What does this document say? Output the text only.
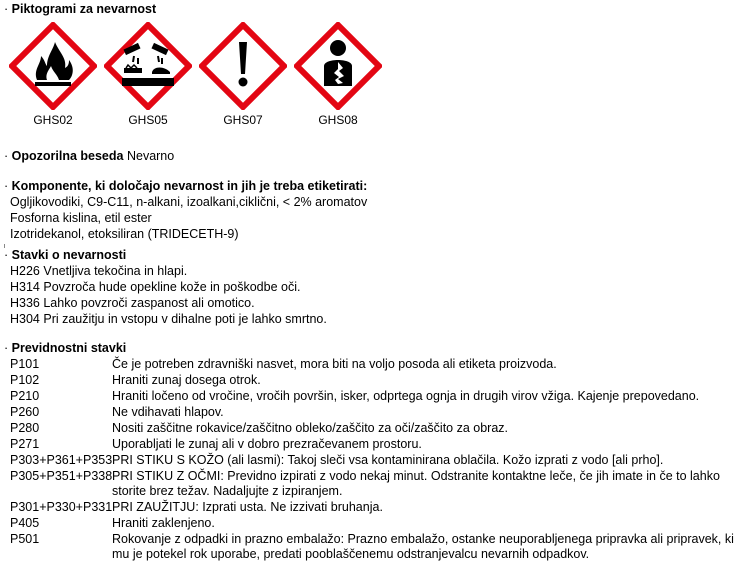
· Piktogrami za nevarnost
GHS02	GHS05	GHS07	GHS08
· Opozorilna beseda Nevarno
· Komponente, ki določajo nevarnost in jih je treba etiketirati:
Ogljikovodiki, C9-C11, n-alkani, izoalkani,ciklični, < 2% aromatov
Fosforna kislina, etil ester
Izotridekanol, etoksiliran (TRIDECETH-9)
· Stavki o nevarnosti
H226 Vnetljiva tekočina in hlapi.
H314 Povzroča hude opekline kože in poškodbe oči.
H336 Lahko povzroči zaspanost ali omotico.
H304 Pri zaužitju in vstopu v dihalne poti je lahko smrtno.
· Previdnostni stavki
P101	Če je potreben zdravniški nasvet, mora biti na voljo posoda ali etiketa proizvoda.
P102	Hraniti zunaj dosega otrok.
P210	Hraniti ločeno od vročine, vročih površin, isker, odprtega ognja in drugih virov vžiga. Kajenje prepovedano.
P260	Ne vdihavati hlapov.
P280	Nositi zaščitne rokavice/zaščitno obleko/zaščito za oči/zaščito za obraz.
P271	Uporabljati le zunaj ali v dobro prezračevanem prostoru.
P303+P361+P353 PRI STIKU S KOŽO (ali lasmi): Takoj sleči vsa kontaminirana oblačila. Kožo izprati z vodo [ali prho].
P305+P351+P338 PRI STIKU Z OČMI: Previdno izpirati z vodo nekaj minut. Odstranite kontaktne leče, če jih imate in če to lahko storite brez težav. Nadaljujte z izpiranjem.
P301+P330+P331 PRI ZAUŽITJU: Izprati usta. Ne izzivati bruhanja.
P405	Hraniti zaklenjeno.
P501	Rokovanje z odpadki in prazno embalažo: Prazno embalažo, ostanke neuporabljenega pripravka ali pripravek, ki mu je potekel rok uporabe, predati pooblaščenemu odstranjevalcu nevarnih odpadkov.
